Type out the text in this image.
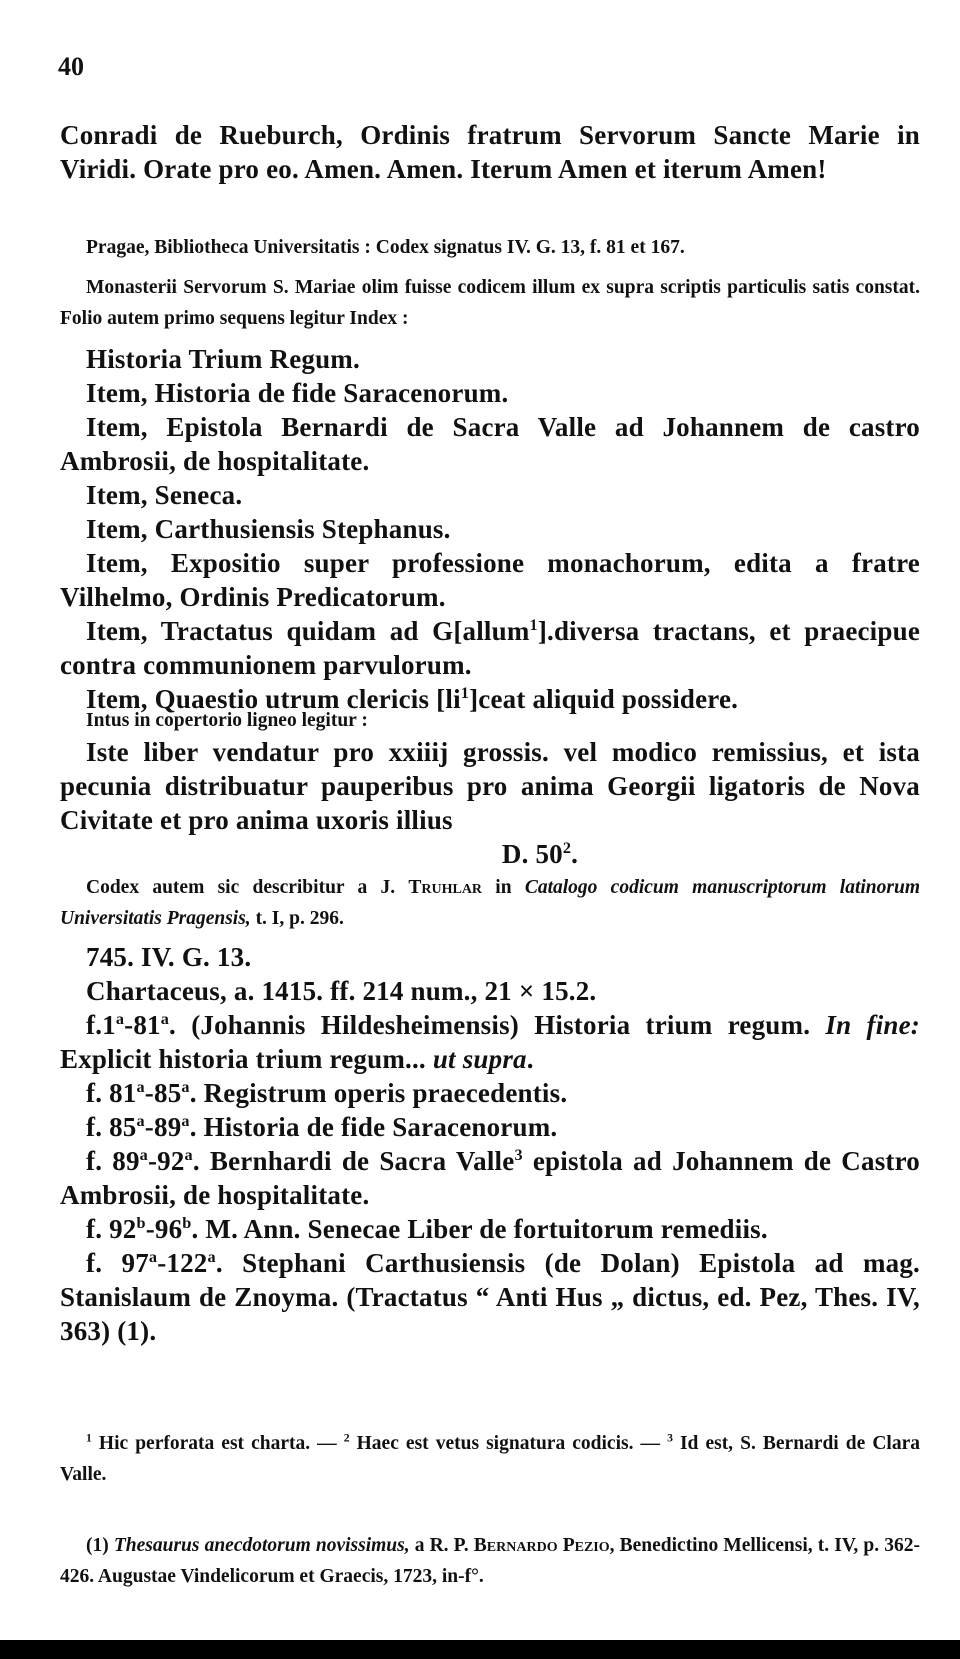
40

Conradi de Rueburch, Ordinis fratrum Servorum Sancte Marie in Viridi. Orate pro eo. Amen. Amen. Iterum Amen et iterum Amen!

Pragae, Bibliotheca Universitatis : Codex signatus IV. G. 13, f. 81 et 167.

Monasterii Servorum S. Mariae olim fuisse codicem illum ex supra scriptis particulis satis constat. Folio autem primo sequens legitur Index :

Historia Trium Regum.

Item, Historia de fide Saracenorum.

Item, Epistola Bernardi de Sacra Valle ad Johannem de castro Ambrosii, de hospitalitate.

Item, Seneca.

Item, Carthusiensis Stephanus.

Item, Expositio super professione monachorum, edita a fratre Vilhelmo, Ordinis Predicatorum.

Item, Tractatus quidam ad G[allum$^1$].diversa tractans, et praecipue contra communionem parvulorum.

Item, Quaestio utrum clericis $[li^1]ceat$ aliquid possidere.

Intus in copertorio ligneo legitur :

Iste liber vendatur pro xxiiij grossis. vel modico remissius, et ista pecunia distribuatur pauperibus pro anima Georgii ligatoris de Nova Civitate et pro anima uxoris illius

D. $50^2$.

Codex autem sic describitur a J. Truhlar in Catalogo codicum manuscriptorum latinorum Universitatis Pragensis, t. I, p. 296.

745. IV. G. 13.

Chartaceus, a. 1415. ff. 214 num., 21 × 15.2.

f.1$^a$-81$^a$. (Johannis Hildesheimensis) Historia trium regum. In fine: Explicit historia trium regum... ut supra.

f. 81$^a$-85$^a$. Registrum operis praecedentis.

f. 85$^a$-89$^a$. Historia de fide Saracenorum.

f. 89$^a$-92$^a$. Bernhardi de Sacra Valle$^3$ epistola ad Johannem de Castro Ambrosii, de hospitalitate.

f. 92$^b$-96$^b$. M. Ann. Senecae Liber de fortuitorum remediis.

f. 97$^a$-122$^a$. Stephani Carthusiensis (de Dolan) Epistola ad mag. Stanislaum de Znoyma. (Tractatus “ Anti Hus „ dictus, ed. Pez, Thes. IV, 363) (1).

$^1$ Hic perforata est charta. — $^2$ Haec est vetus signatura codicis. — $^3$ Id est, S. Bernardi de Clara Valle.

(1) Thesaurus anecdotorum novissimus, a R. P. Bernardo Pezio, Benedictino Mellicensi, t. IV, p. 362-426. Augustae Vindelicorum et Graecis, 1723, in-f°.
